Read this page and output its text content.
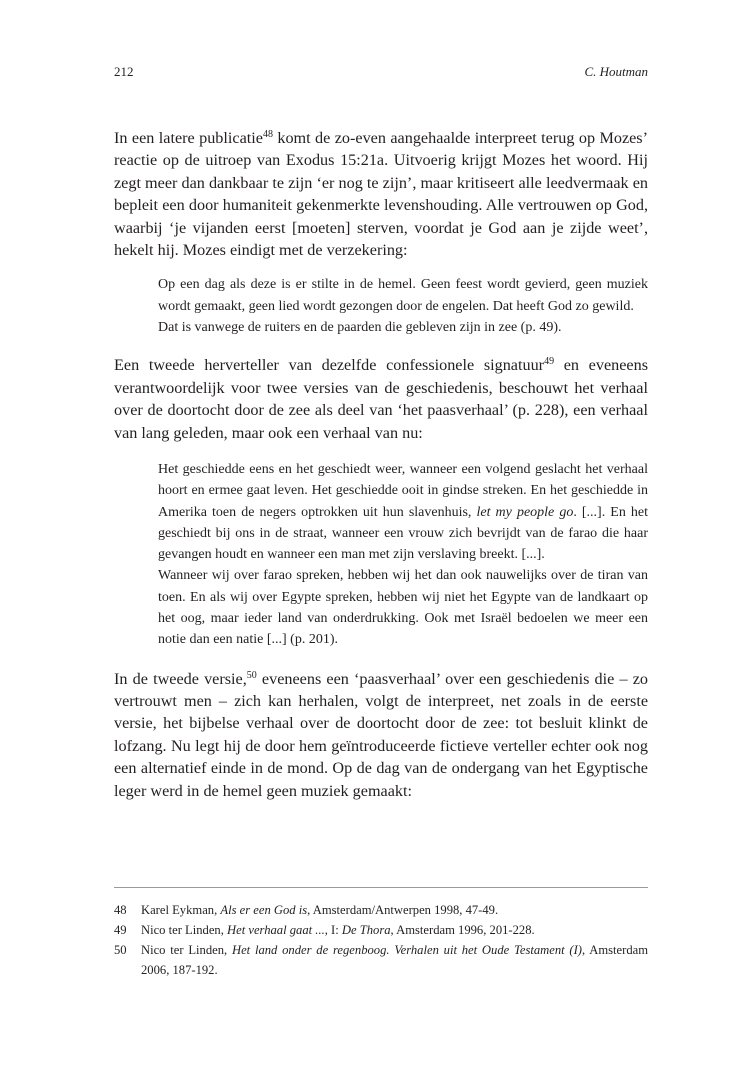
212	C. Houtman

In een latere publicatie$^{48}$ komt de zo-even aangehaalde interpreet terug op Mozes’ reactie op de uitroep van Exodus 15:21a. Uitvoerig krijgt Mozes het woord. Hij zegt meer dan dankbaar te zijn ‘er nog te zijn’, maar kritiseert alle leedvermaak en bepleit een door humaniteit gekenmerkte levenshouding. Alle vertrouwen op God, waarbij ‘je vijanden eerst [moeten] sterven, voordat je God aan je zijde weet’, hekelt hij. Mozes eindigt met de verzekering:

Op een dag als deze is er stilte in de hemel. Geen feest wordt gevierd, geen muziek wordt gemaakt, geen lied wordt gezongen door de engelen. Dat heeft God zo gewild.

Dat is vanwege de ruiters en de paarden die gebleven zijn in zee (p. 49).

Een tweede herverteller van dezelfde confessionele signatuur$^{49}$ en eveneens verantwoordelijk voor twee versies van de geschiedenis, beschouwt het verhaal over de doortocht door de zee als deel van ‘het paasverhaal’ (p. 228), een verhaal van lang geleden, maar ook een verhaal van nu:

Het geschiedde eens en het geschiedt weer, wanneer een volgend geslacht het verhaal hoort en ermee gaat leven. Het geschiedde ooit in gindse streken. En het geschiedde in Amerika toen de negers optrokken uit hun slavenhuis, let my people go. [...]. En het geschiedt bij ons in de straat, wanneer een vrouw zich bevrijdt van de farao die haar gevangen houdt en wanneer een man met zijn verslaving breekt. [...].

Wanneer wij over farao spreken, hebben wij het dan ook nauwelijks over de tiran van toen. En als wij over Egypte spreken, hebben wij niet het Egypte van de landkaart op het oog, maar ieder land van onderdrukking. Ook met Israël bedoelen we meer een notie dan een natie [...] (p. 201).

In de tweede versie,$^{50}$ eveneens een ‘paasverhaal’ over een geschiedenis die – zo vertrouwt men – zich kan herhalen, volgt de interpreet, net zoals in de eerste versie, het bijbelse verhaal over de doortocht door de zee: tot besluit klinkt de lofzang. Nu legt hij de door hem geïntroduceerde fictieve verteller echter ook nog een alternatief einde in de mond. Op de dag van de ondergang van het Egyptische leger werd in de hemel geen muziek gemaakt:

48 Karel Eykman, Als er een God is, Amsterdam/Antwerpen 1998, 47-49.
49 Nico ter Linden, Het verhaal gaat ..., I: De Thora, Amsterdam 1996, 201-228.
50 Nico ter Linden, Het land onder de regenboog. Verhalen uit het Oude Testament (I), Amsterdam 2006, 187-192.
